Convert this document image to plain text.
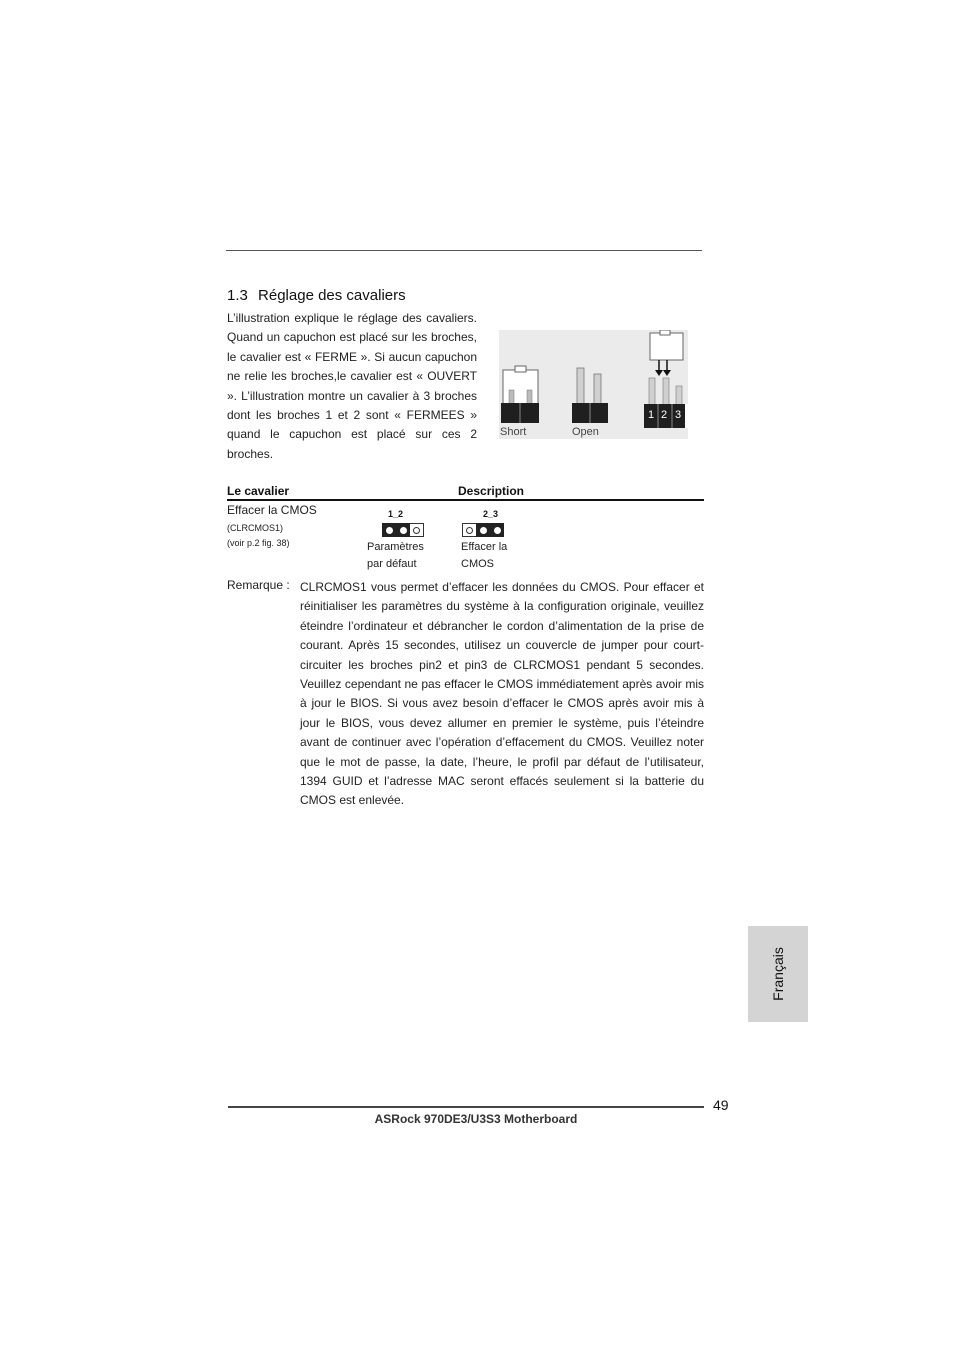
1.3 Réglage des cavaliers
L’illustration explique le réglage des cavaliers. Quand un capuchon est placé sur les broches, le cavalier est « FERME ». Si aucun capuchon ne relie les broches,le cavalier est « OUVERT ». L’illustration montre un cavalier à 3 broches dont les broches 1 et 2 sont « FERMEES » quand le capuchon est placé sur ces 2 broches.
1 2 3
Short	Open
Le cavalier	Description
Effacer la CMOS
(CLRCMOS1)
(voir p.2 fig. 38)
1_2
Paramètres
par défaut
2_3
Effacer la
CMOS
Remarque : CLRCMOS1 vous permet d’effacer les données du CMOS. Pour effacer et réinitialiser les paramètres du système à la configuration originale, veuillez éteindre l’ordinateur et débrancher le cordon d’alimentation de la prise de courant. Après 15 secondes, utilisez un couvercle de jumper pour court-circuiter les broches pin2 et pin3 de CLRCMOS1 pendant 5 secondes. Veuillez cependant ne pas effacer le CMOS immédiatement après avoir mis à jour le BIOS. Si vous avez besoin d’effacer le CMOS après avoir mis à jour le BIOS, vous devez allumer en premier le système, puis l’éteindre avant de continuer avec l’opération d’effacement du CMOS. Veuillez noter que le mot de passe, la date, l’heure, le profil par défaut de l’utilisateur, 1394 GUID et l’adresse MAC seront effacés seulement si la batterie du CMOS est enlevée.
Français
49
ASRock 970DE3/U3S3 Motherboard
